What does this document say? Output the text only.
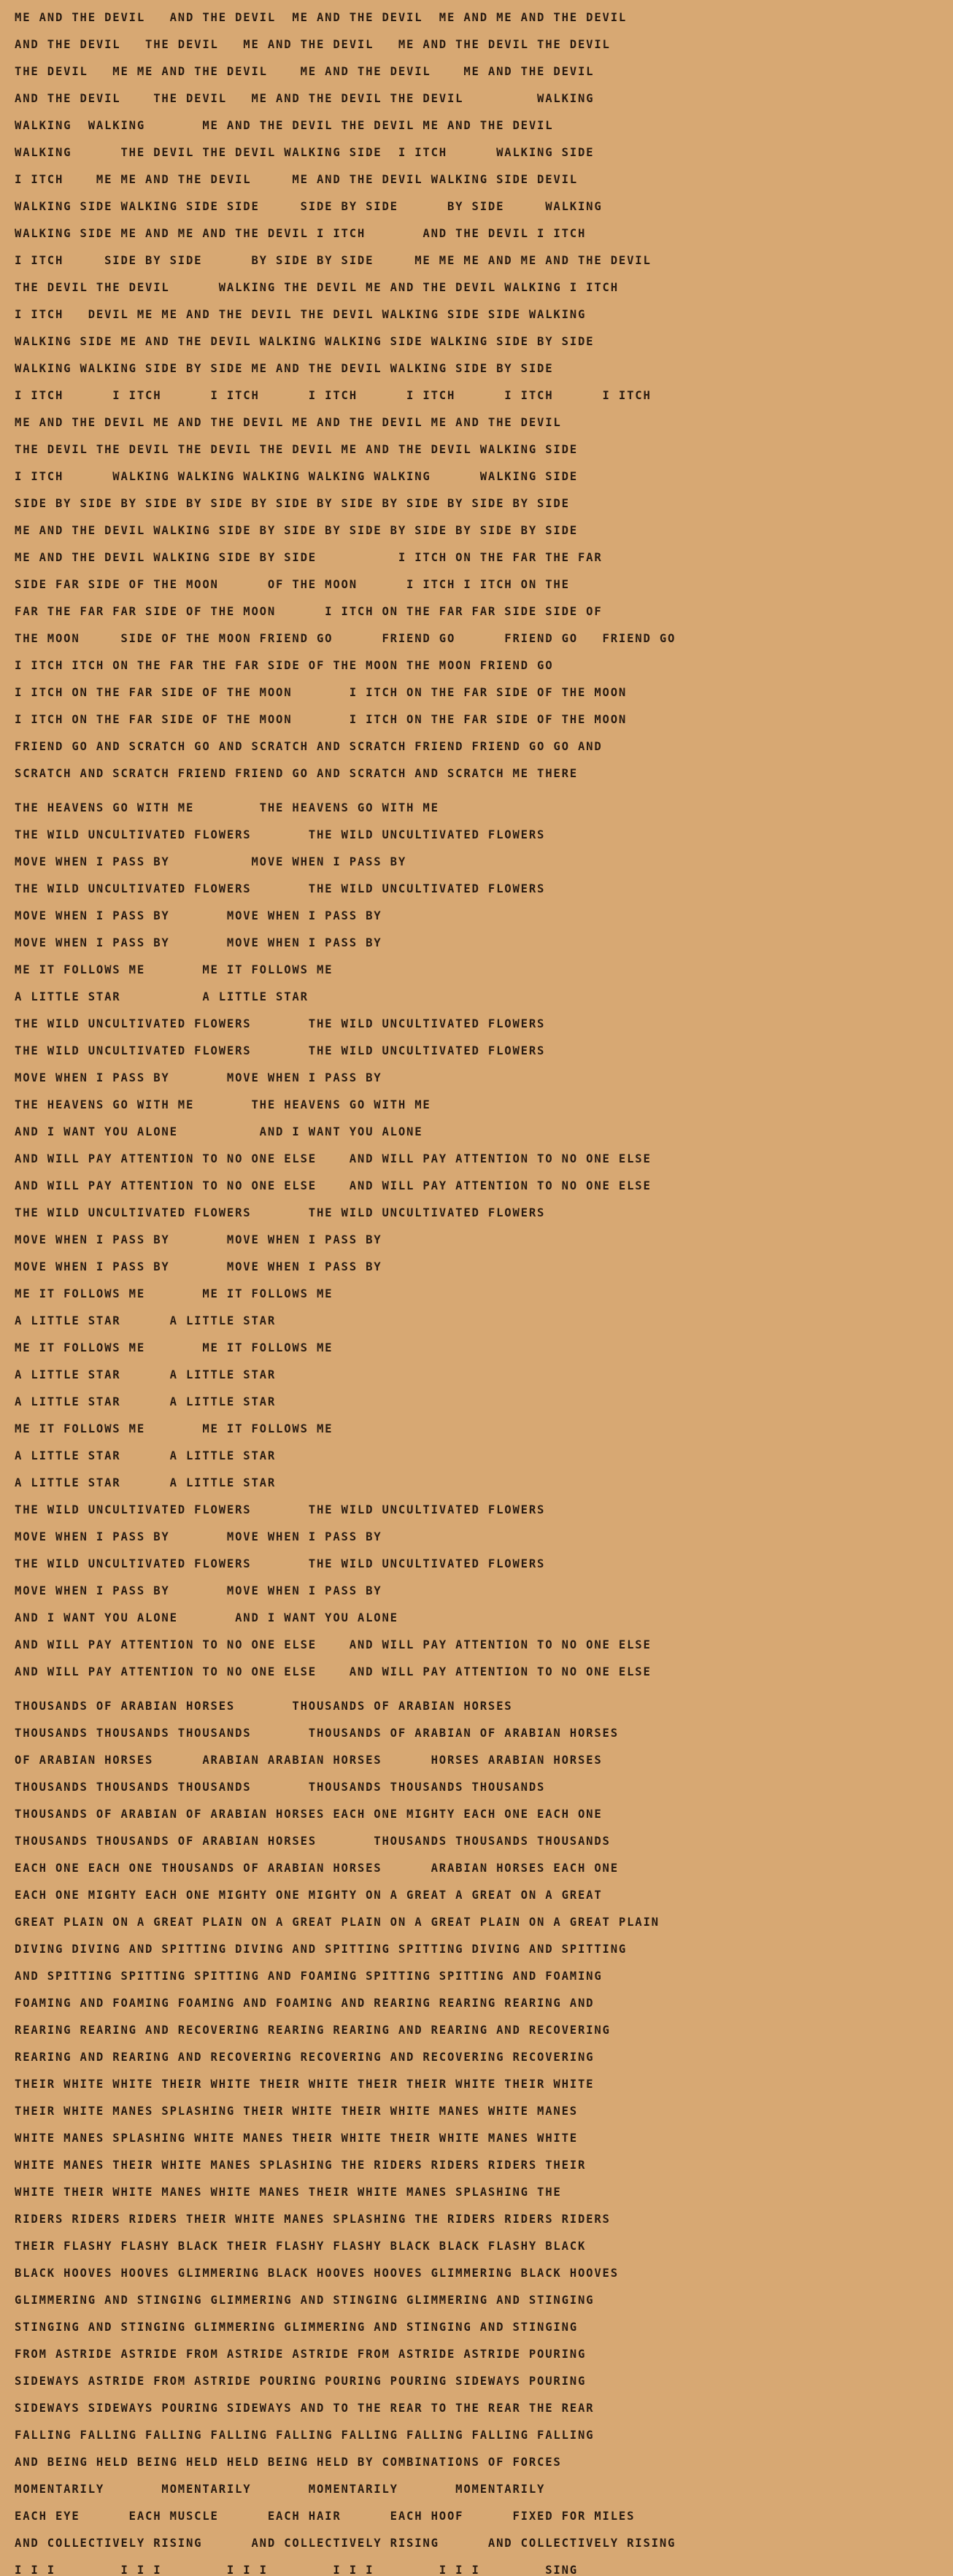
ME AND THE DEVIL   AND THE DEVIL  ME AND THE DEVIL  ME AND ME AND THE DEVIL
AND THE DEVIL   THE DEVIL   ME AND THE DEVIL   ME AND THE DEVIL THE DEVIL
THE DEVIL   ME ME AND THE DEVIL    ME AND THE DEVIL    ME AND THE DEVIL
AND THE DEVIL    THE DEVIL   ME AND THE DEVIL THE DEVIL         WALKING
WALKING  WALKING       ME AND THE DEVIL THE DEVIL ME AND THE DEVIL
WALKING      THE DEVIL THE DEVIL WALKING SIDE  I ITCH      WALKING SIDE
I ITCH    ME ME AND THE DEVIL     ME AND THE DEVIL WALKING SIDE DEVIL
WALKING SIDE WALKING SIDE SIDE     SIDE BY SIDE      BY SIDE     WALKING
WALKING SIDE ME AND ME AND THE DEVIL I ITCH       AND THE DEVIL I ITCH
I ITCH     SIDE BY SIDE      BY SIDE BY SIDE     ME ME ME AND ME AND THE DEVIL
THE DEVIL THE DEVIL      WALKING THE DEVIL ME AND THE DEVIL WALKING I ITCH
I ITCH   DEVIL ME ME AND THE DEVIL THE DEVIL WALKING SIDE SIDE WALKING
WALKING SIDE ME AND THE DEVIL WALKING WALKING SIDE WALKING SIDE BY SIDE
WALKING WALKING SIDE BY SIDE ME AND THE DEVIL WALKING SIDE BY SIDE
I ITCH      I ITCH      I ITCH      I ITCH      I ITCH      I ITCH      I ITCH
ME AND THE DEVIL ME AND THE DEVIL ME AND THE DEVIL ME AND THE DEVIL
THE DEVIL THE DEVIL THE DEVIL THE DEVIL ME AND THE DEVIL WALKING SIDE
I ITCH      WALKING WALKING WALKING WALKING WALKING      WALKING SIDE
SIDE BY SIDE BY SIDE BY SIDE BY SIDE BY SIDE BY SIDE BY SIDE BY SIDE
ME AND THE DEVIL WALKING SIDE BY SIDE BY SIDE BY SIDE BY SIDE BY SIDE
ME AND THE DEVIL WALKING SIDE BY SIDE          I ITCH ON THE FAR THE FAR
SIDE FAR SIDE OF THE MOON      OF THE MOON      I ITCH I ITCH ON THE
FAR THE FAR FAR SIDE OF THE MOON      I ITCH ON THE FAR FAR SIDE SIDE OF
THE MOON     SIDE OF THE MOON FRIEND GO      FRIEND GO      FRIEND GO   FRIEND GO
I ITCH ITCH ON THE FAR THE FAR SIDE OF THE MOON THE MOON FRIEND GO
I ITCH ON THE FAR SIDE OF THE MOON       I ITCH ON THE FAR SIDE OF THE MOON
I ITCH ON THE FAR SIDE OF THE MOON       I ITCH ON THE FAR SIDE OF THE MOON
FRIEND GO AND SCRATCH GO AND SCRATCH AND SCRATCH FRIEND FRIEND GO GO AND
SCRATCH AND SCRATCH FRIEND FRIEND GO AND SCRATCH AND SCRATCH ME THERE
THE HEAVENS GO WITH ME        THE HEAVENS GO WITH ME
THE WILD UNCULTIVATED FLOWERS       THE WILD UNCULTIVATED FLOWERS
MOVE WHEN I PASS BY          MOVE WHEN I PASS BY
THE WILD UNCULTIVATED FLOWERS       THE WILD UNCULTIVATED FLOWERS
MOVE WHEN I PASS BY       MOVE WHEN I PASS BY
MOVE WHEN I PASS BY       MOVE WHEN I PASS BY
ME IT FOLLOWS ME       ME IT FOLLOWS ME
A LITTLE STAR          A LITTLE STAR
THE WILD UNCULTIVATED FLOWERS       THE WILD UNCULTIVATED FLOWERS
THE WILD UNCULTIVATED FLOWERS       THE WILD UNCULTIVATED FLOWERS
MOVE WHEN I PASS BY       MOVE WHEN I PASS BY
THE HEAVENS GO WITH ME       THE HEAVENS GO WITH ME
AND I WANT YOU ALONE          AND I WANT YOU ALONE
AND WILL PAY ATTENTION TO NO ONE ELSE    AND WILL PAY ATTENTION TO NO ONE ELSE
AND WILL PAY ATTENTION TO NO ONE ELSE    AND WILL PAY ATTENTION TO NO ONE ELSE
THE WILD UNCULTIVATED FLOWERS       THE WILD UNCULTIVATED FLOWERS
MOVE WHEN I PASS BY       MOVE WHEN I PASS BY
MOVE WHEN I PASS BY       MOVE WHEN I PASS BY
ME IT FOLLOWS ME       ME IT FOLLOWS ME
A LITTLE STAR      A LITTLE STAR
ME IT FOLLOWS ME       ME IT FOLLOWS ME
A LITTLE STAR      A LITTLE STAR
A LITTLE STAR      A LITTLE STAR
ME IT FOLLOWS ME       ME IT FOLLOWS ME
A LITTLE STAR      A LITTLE STAR
A LITTLE STAR      A LITTLE STAR
THE WILD UNCULTIVATED FLOWERS       THE WILD UNCULTIVATED FLOWERS
MOVE WHEN I PASS BY       MOVE WHEN I PASS BY
THE WILD UNCULTIVATED FLOWERS       THE WILD UNCULTIVATED FLOWERS
MOVE WHEN I PASS BY       MOVE WHEN I PASS BY
AND I WANT YOU ALONE       AND I WANT YOU ALONE
AND WILL PAY ATTENTION TO NO ONE ELSE    AND WILL PAY ATTENTION TO NO ONE ELSE
AND WILL PAY ATTENTION TO NO ONE ELSE    AND WILL PAY ATTENTION TO NO ONE ELSE
THOUSANDS OF ARABIAN HORSES       THOUSANDS OF ARABIAN HORSES
THOUSANDS THOUSANDS THOUSANDS       THOUSANDS OF ARABIAN OF ARABIAN HORSES
OF ARABIAN HORSES      ARABIAN ARABIAN HORSES      HORSES ARABIAN HORSES
THOUSANDS THOUSANDS THOUSANDS       THOUSANDS THOUSANDS THOUSANDS
THOUSANDS OF ARABIAN OF ARABIAN HORSES EACH ONE MIGHTY EACH ONE EACH ONE
THOUSANDS THOUSANDS OF ARABIAN HORSES       THOUSANDS THOUSANDS THOUSANDS
EACH ONE EACH ONE THOUSANDS OF ARABIAN HORSES      ARABIAN HORSES EACH ONE
EACH ONE MIGHTY EACH ONE MIGHTY ONE MIGHTY ON A GREAT A GREAT ON A GREAT
GREAT PLAIN ON A GREAT PLAIN ON A GREAT PLAIN ON A GREAT PLAIN ON A GREAT PLAIN
DIVING DIVING AND SPITTING DIVING AND SPITTING SPITTING DIVING AND SPITTING
AND SPITTING SPITTING SPITTING AND FOAMING SPITTING SPITTING AND FOAMING
FOAMING AND FOAMING FOAMING AND FOAMING AND REARING REARING REARING AND
REARING REARING AND RECOVERING REARING REARING AND REARING AND RECOVERING
REARING AND REARING AND RECOVERING RECOVERING AND RECOVERING RECOVERING
THEIR WHITE WHITE THEIR WHITE THEIR WHITE THEIR THEIR WHITE THEIR WHITE
THEIR WHITE MANES SPLASHING THEIR WHITE THEIR WHITE MANES WHITE MANES
WHITE MANES SPLASHING WHITE MANES THEIR WHITE THEIR WHITE MANES WHITE
WHITE MANES THEIR WHITE MANES SPLASHING THE RIDERS RIDERS RIDERS THEIR
WHITE THEIR WHITE MANES WHITE MANES THEIR WHITE MANES SPLASHING THE
RIDERS RIDERS RIDERS THEIR WHITE MANES SPLASHING THE RIDERS RIDERS RIDERS
THEIR FLASHY FLASHY BLACK THEIR FLASHY FLASHY BLACK BLACK FLASHY BLACK
BLACK HOOVES HOOVES GLIMMERING BLACK HOOVES HOOVES GLIMMERING BLACK HOOVES
GLIMMERING AND STINGING GLIMMERING AND STINGING GLIMMERING AND STINGING
STINGING AND STINGING GLIMMERING GLIMMERING AND STINGING AND STINGING
FROM ASTRIDE ASTRIDE FROM ASTRIDE ASTRIDE FROM ASTRIDE ASTRIDE POURING
SIDEWAYS ASTRIDE FROM ASTRIDE POURING POURING POURING SIDEWAYS POURING
SIDEWAYS SIDEWAYS POURING SIDEWAYS AND TO THE REAR TO THE REAR THE REAR
FALLING FALLING FALLING FALLING FALLING FALLING FALLING FALLING FALLING
AND BEING HELD BEING HELD HELD BEING HELD BY COMBINATIONS OF FORCES
MOMENTARILY       MOMENTARILY       MOMENTARILY       MOMENTARILY
EACH EYE      EACH MUSCLE      EACH HAIR      EACH HOOF      FIXED FOR MILES
AND COLLECTIVELY RISING      AND COLLECTIVELY RISING      AND COLLECTIVELY RISING
I I I        I I I        I I I        I I I        I I I        SING
